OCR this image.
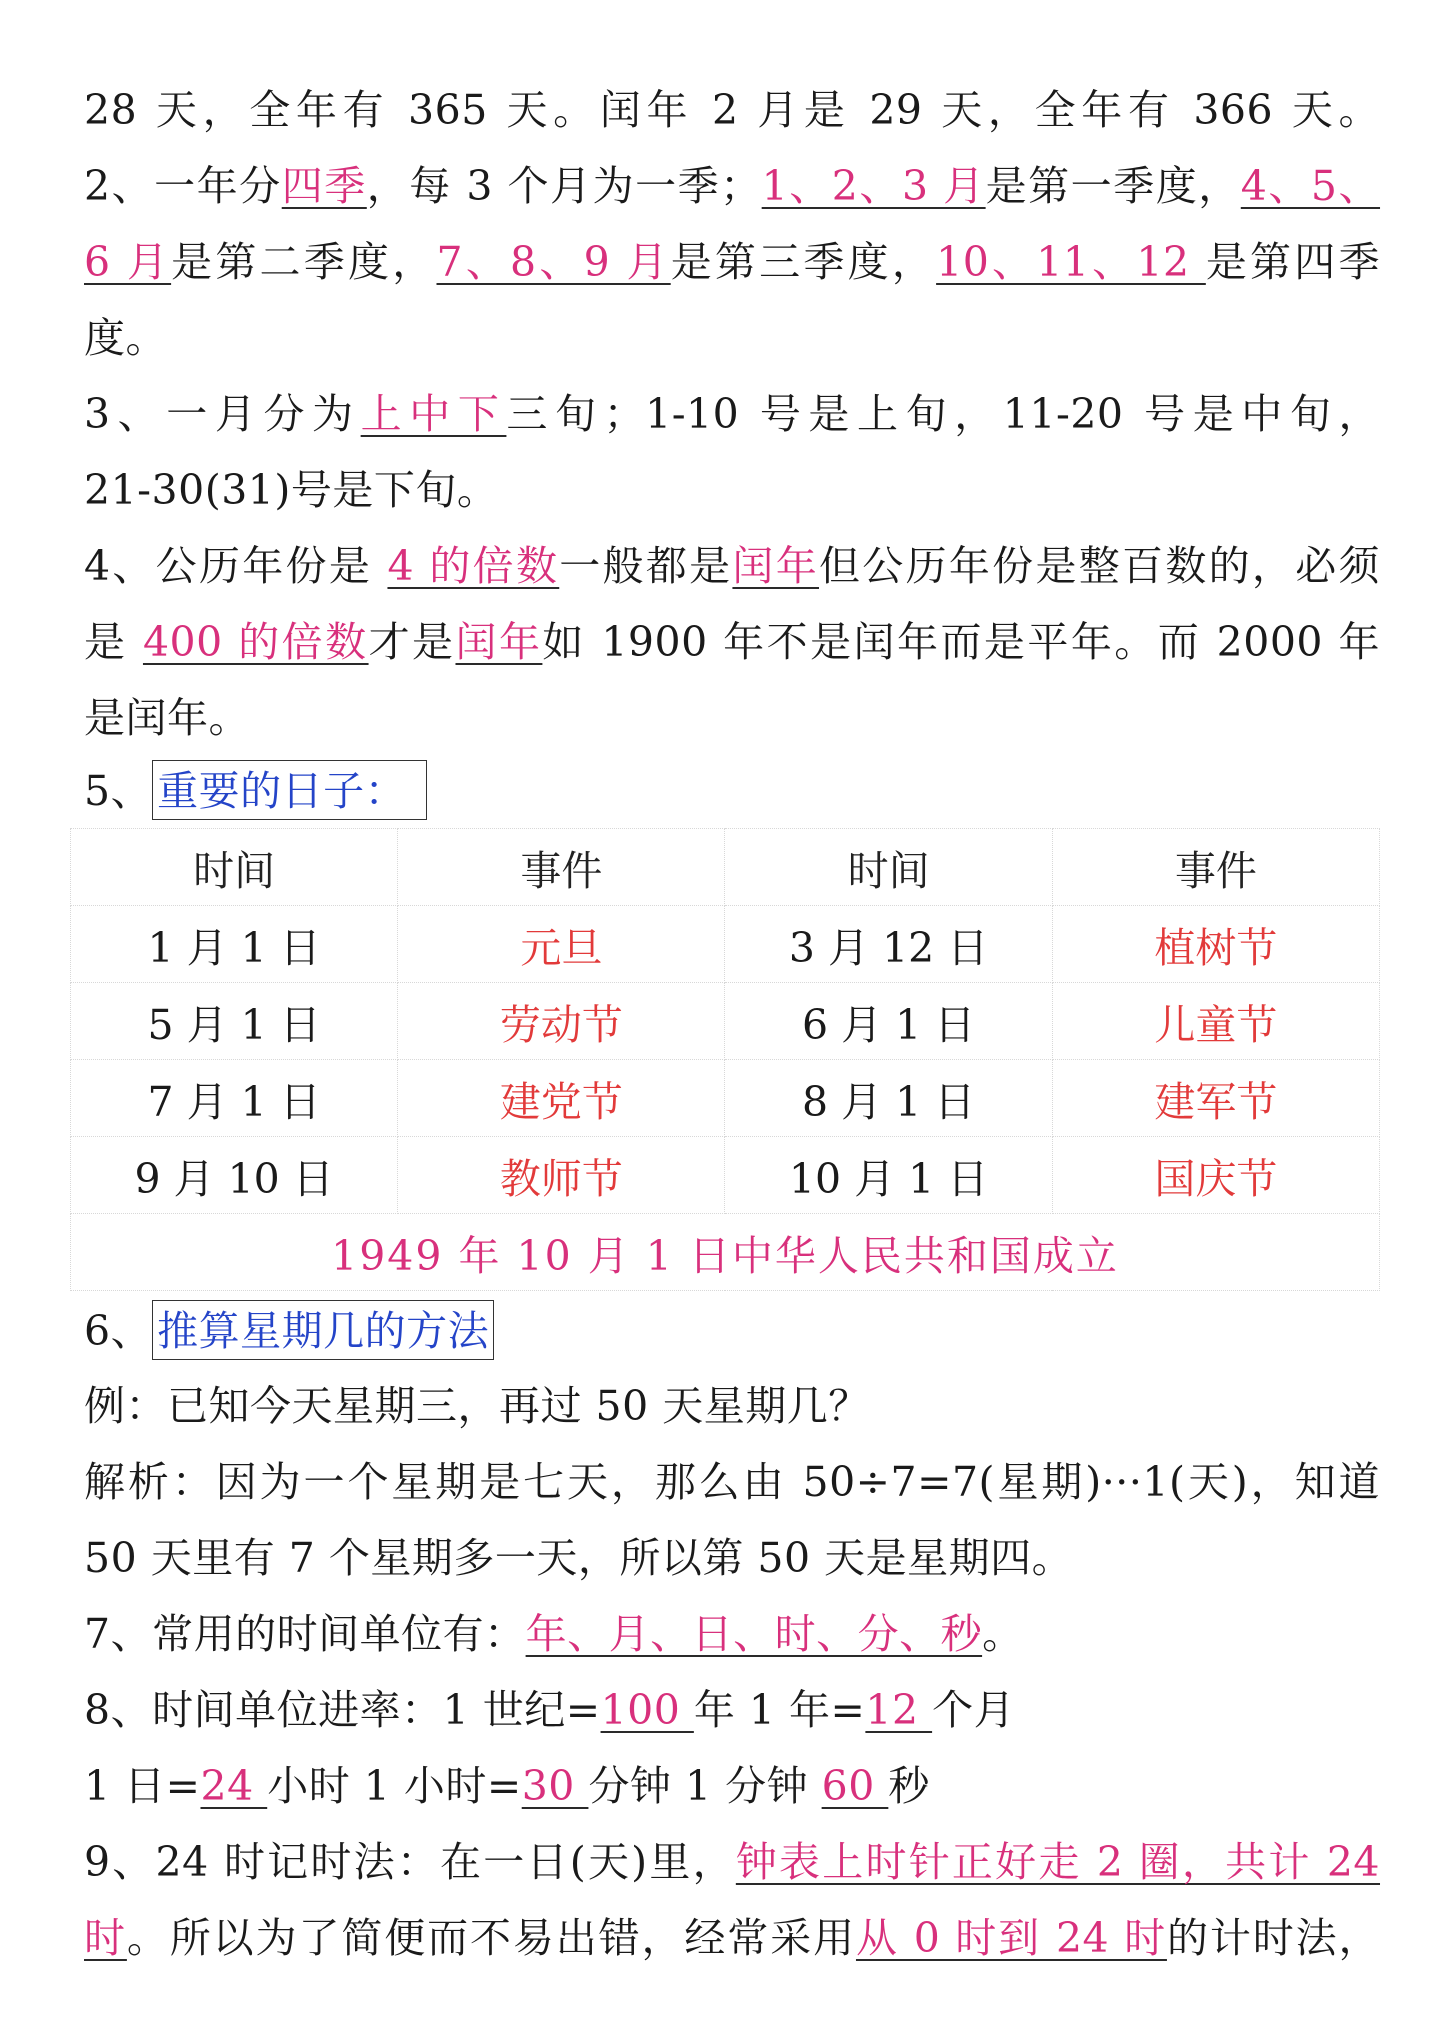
28 天，全年有 365 天。闰年 2 月是 29 天，全年有 366 天。
2、一年分四季，每 3 个月为一季；1、2、3 月是第一季度，4、5、
6 月是第二季度，7、8、9 月是第三季度，10、11、12 是第四季
度。
3、一月分为上中下三旬；1-10 号是上旬，11-20 号是中旬，
21-30(31)号是下旬。
4、公历年份是 4 的倍数一般都是闰年但公历年份是整百数的，必须
是 400 的倍数才是闰年如 1900 年不是闰年而是平年。而 2000 年
是闰年。
5、 重要的日子：
时间	事件	时间	事件
1 月 1 日	元旦	3 月 12 日	植树节
5 月 1 日	劳动节	6 月 1 日	儿童节
7 月 1 日	建党节	8 月 1 日	建军节
9 月 10 日	教师节	10 月 1 日	国庆节
1949 年 10 月 1 日中华人民共和国成立			
6、 推算星期几的方法
例：已知今天星期三，再过 50 天星期几？
解析：因为一个星期是七天，那么由 50÷7=7(星期)···1(天)，知道
50 天里有 7 个星期多一天，所以第 50 天是星期四。
7、常用的时间单位有：年、月、日、时、分、秒。
8、时间单位进率：1 世纪=100 年 1 年=12 个月
1 日=24 小时 1 小时=30 分钟 1 分钟 60 秒
9、24 时记时法：在一日(天)里，钟表上时针正好走 2 圈，共计 24
时。所以为了简便而不易出错，经常采用从 0 时到 24 时的计时法，
